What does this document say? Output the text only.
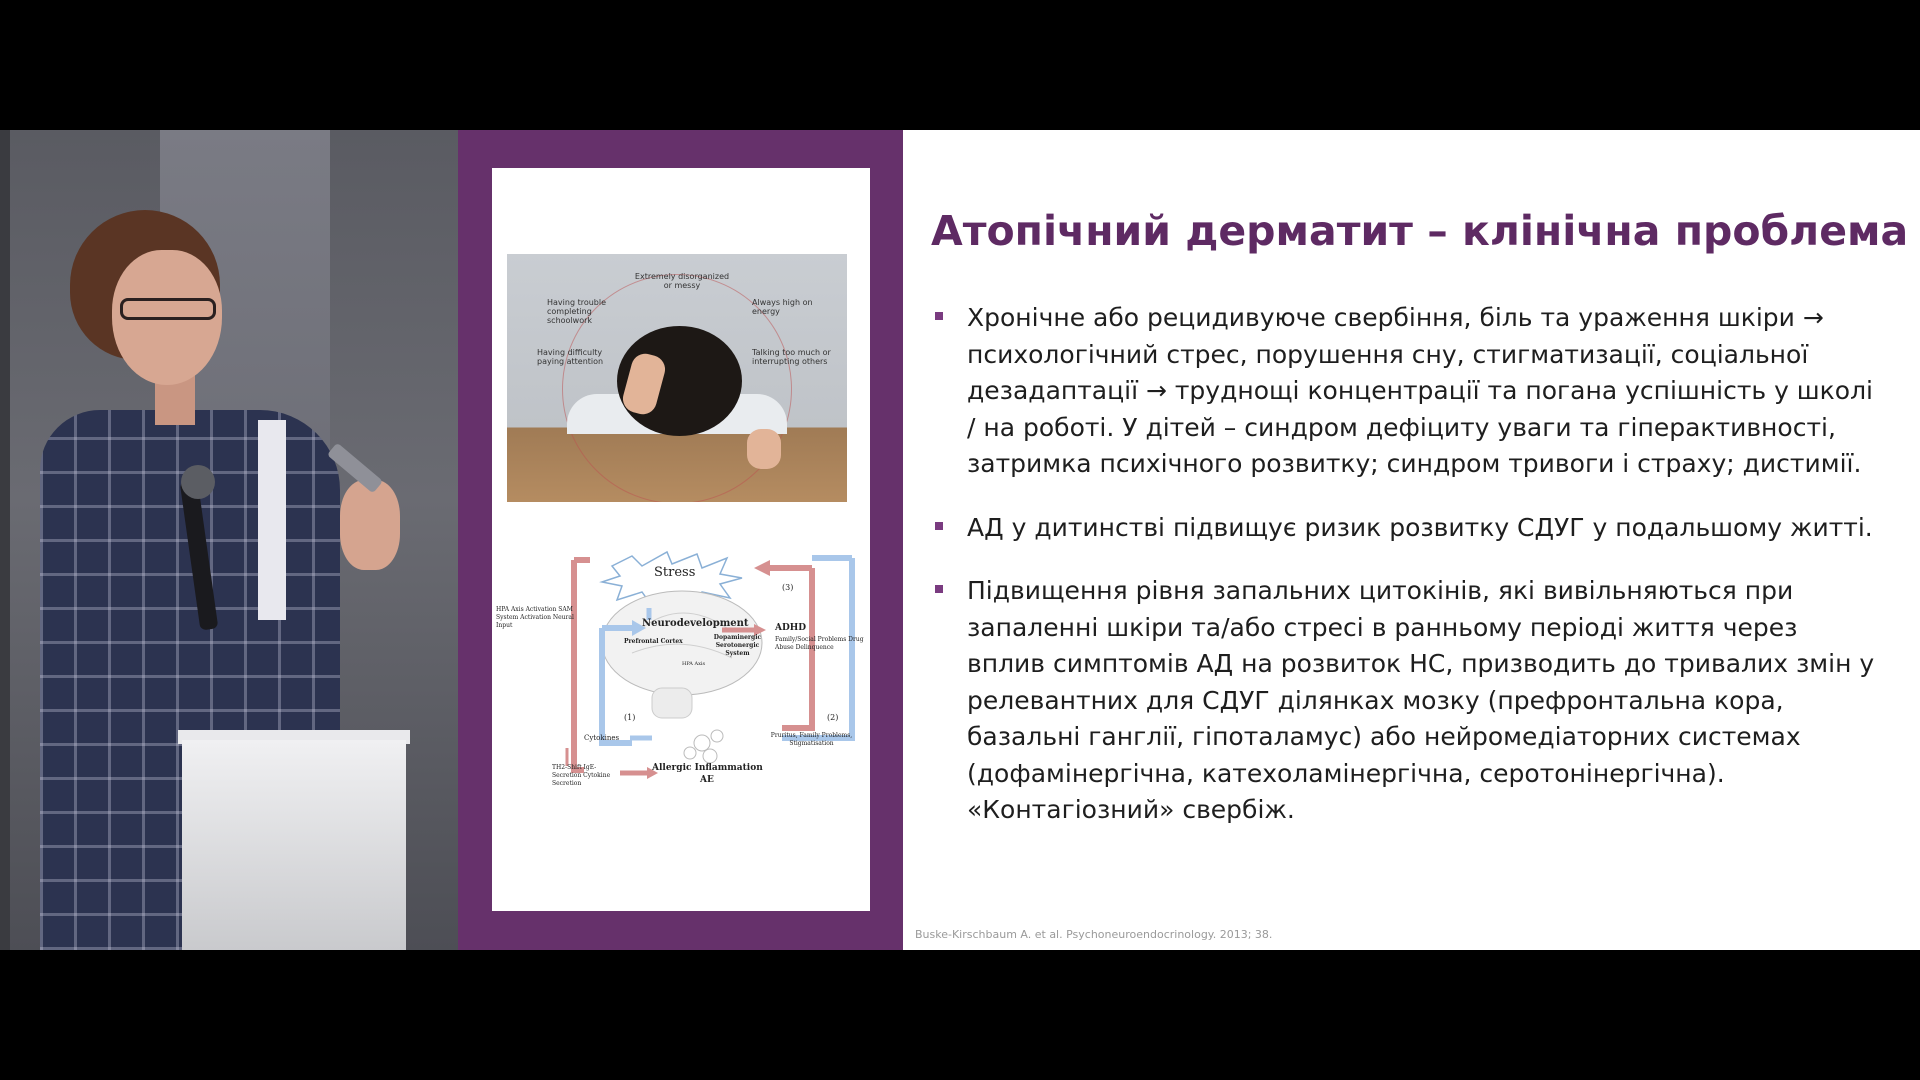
Extremely disorganized or messy
Having trouble completing schoolwork
Always high on energy
Having difficulty paying attention
Talking too much or interrupting others
Stress
Neurodevelopment
Prefrontal Cortex
Dopaminergic Serotonergic System
HPA Axis
ADHD
Family/Social Problems Drug Abuse Delinquence
HPA Axis Activation SAM System Activation Neural Input
Cytokines
TH2-Shift IgE-Secretion Cytokine Secretion
Allergic Inflammation
AE
Pruritus, Family Problems, Stigmatisation
(1)	(2)
(3)
Атопічний дерматит – клінічна проблема
Хронічне або рецидивуюче свербіння, біль та ураження шкіри → психологічний стрес, порушення сну, стигматизації, соціальної дезадаптації → труднощі концентрації та погана успішність у школі / на роботі. У дітей – синдром дефіциту уваги та гіперактивності, затримка психічного розвитку; синдром тривоги і страху; дистимії.
АД у дитинстві підвищує ризик розвитку СДУГ у подальшому житті.
Підвищення рівня запальних цитокінів, які вивільняються при запаленні шкіри та/або стресі в ранньому періоді життя через вплив симптомів АД на розвиток НС, призводить до тривалих змін у релевантних для СДУГ ділянках мозку (префронтальна кора, базальні ганглії, гіпоталамус) або нейромедіаторних системах (дофамінергічна, катехоламінергічна, серотонінергічна). «Контагіозний» свербіж.
Buske-Kirschbaum A. et al. Psychoneuroendocrinology. 2013; 38.
